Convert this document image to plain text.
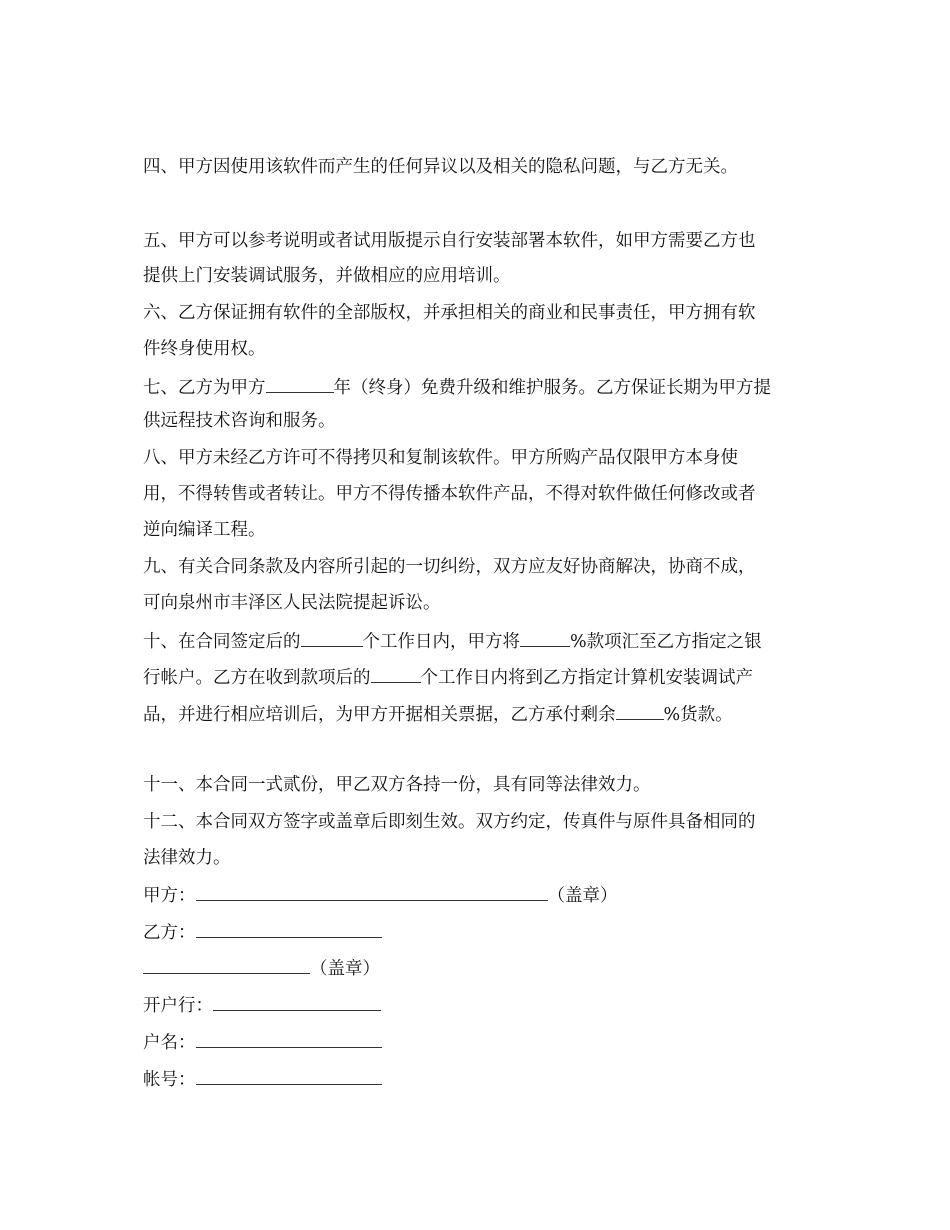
四、甲方因使用该软件而产生的任何异议以及相关的隐私问题，与乙方无关。
五、甲方可以参考说明或者试用版提示自行安装部署本软件，如甲方需要乙方也
提供上门安装调试服务，并做相应的应用培训。
六、乙方保证拥有软件的全部版权，并承担相关的商业和民事责任，甲方拥有软
件终身使用权。
七、乙方为甲方	年（终身）免费升级和维护服务。乙方保证长期为甲方提
供远程技术咨询和服务。
八、甲方未经乙方许可不得拷贝和复制该软件。甲方所购产品仅限甲方本身使
用，不得转售或者转让。甲方不得传播本软件产品，不得对软件做任何修改或者
逆向编译工程。
九、有关合同条款及内容所引起的一切纠纷，双方应友好协商解决，协商不成，
可向泉州市丰泽区人民法院提起诉讼。
十、在合同签定后的	个工作日内，甲方将	%款项汇至乙方指定之银
行帐户。乙方在收到款项后的	个工作日内将到乙方指定计算机安装调试产
品，并进行相应培训后，为甲方开据相关票据，乙方承付剩余	%货款。
十一、本合同一式贰份，甲乙双方各持一份，具有同等法律效力。
十二、本合同双方签字或盖章后即刻生效。双方约定，传真件与原件具备相同的
法律效力。
甲方：	（盖章）
乙方：
（盖章）
开户行：
户名：
帐号：
